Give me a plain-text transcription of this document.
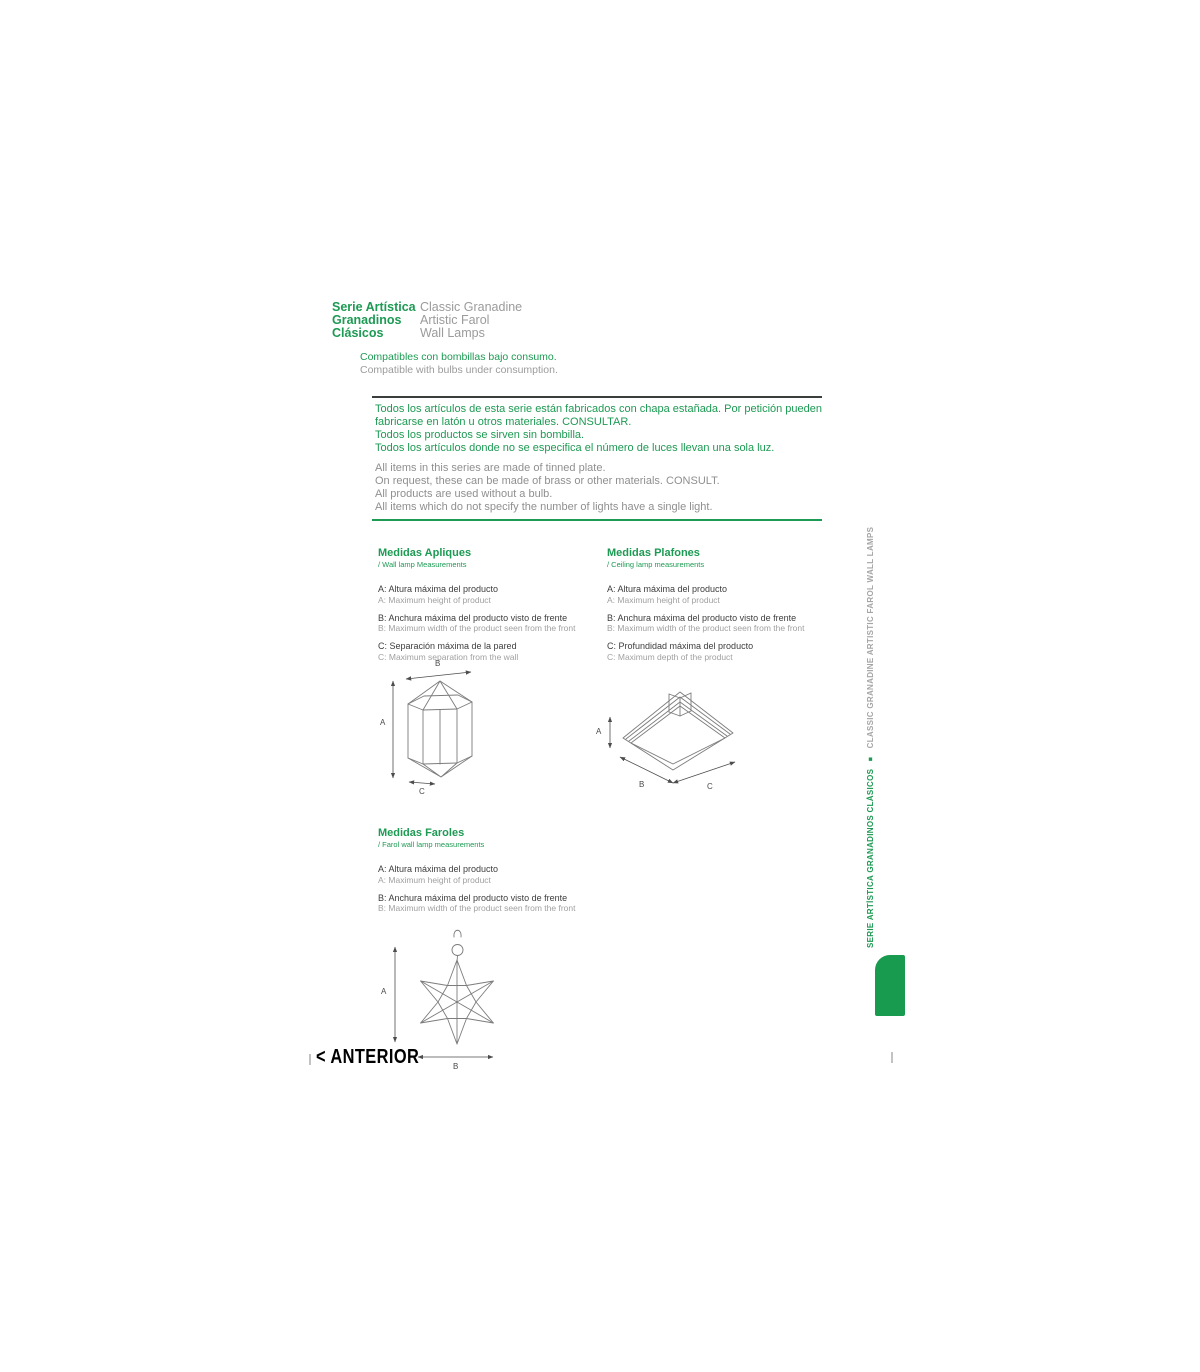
Serie Artística
Granadinos
Clásicos
Classic Granadine
Artistic Farol
Wall Lamps
Compatibles con bombillas bajo consumo.
Compatible with bulbs under consumption.
Todos los artículos de esta serie están fabricados con chapa estañada. Por petición pueden fabricarse en latón u otros materiales. CONSULTAR.
Todos los productos se sirven sin bombilla.
Todos los artículos donde no se especifica el número de luces llevan una sola luz.
All items in this series are made of tinned plate.
On request, these can be made of brass or other materials. CONSULT.
All products are used without a bulb.
All items which do not specify the number of lights have a single light.
Medidas Apliques
/ Wall lamp Measurements
A: Altura máxima del producto
A: Maximum height of product
B: Anchura máxima del producto visto de frente
B: Maximum width of the product seen from the front
C: Separación máxima de la pared
C: Maximum separation from the wall
Medidas Plafones
/ Ceiling lamp measurements
A: Altura máxima del producto
A: Maximum height of product
B: Anchura máxima del producto visto de frente
B: Maximum width of the product seen from the front
C: Profundidad máxima del producto
C: Maximum depth of the product
A
B
C
A
B	C
Medidas Faroles
/ Farol wall lamp measurements
A: Altura máxima del producto
A: Maximum height of product
B: Anchura máxima del producto visto de frente
B: Maximum width of the product seen from the front
A
B
SERIE ARTÍSTICA GRANADINOS CLÁSICOS ■ CLASSIC GRANADINE ARTISTIC FAROL WALL LAMPS
< ANTERIOR
